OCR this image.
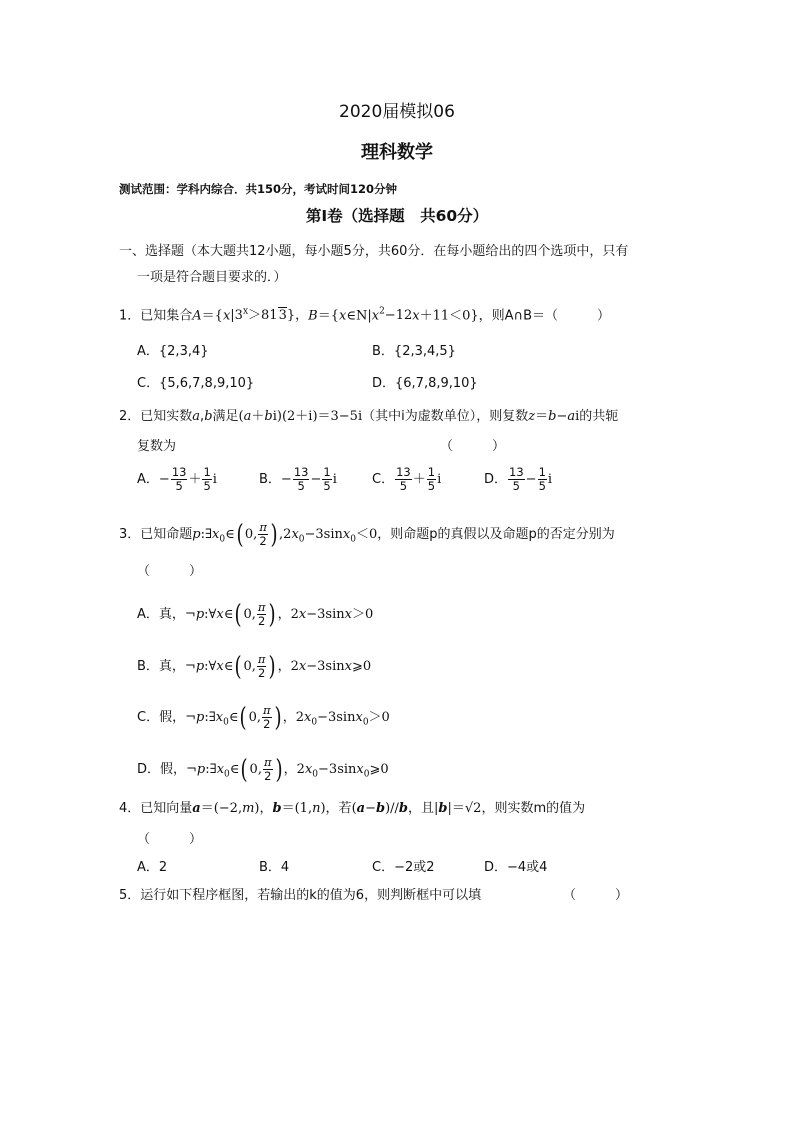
2020届模拟06
理科数学
测试范围：学科内综合．共150分，考试时间120分钟
第Ⅰ卷（选择题　共60分）
一、选择题（本大题共12小题，每小题5分，共60分．在每小题给出的四个选项中，只有
一项是符合题目要求的．）
1．已知集合$A=\{x|3^x>813\}$，$B=\{x\in N|x^2-12x+11<0\}$，则A∩B＝（　　　）
A．{2,3,4}	B．{2,3,4,5}
C．{5,6,7,8,9,10}	D．{6,7,8,9,10}
2．已知实数a,b满足(a＋bi)(2＋i)＝3−5i（其中i为虚数单位），则复数z＝b−ai的共轭
复数为	（　　　）
A．− $\frac{13}{5} + \frac{1}{5}$ i	B．− $\frac{13}{5} - \frac{1}{5}$ i	C． $\frac{13}{5} + \frac{1}{5}$ i	D． $\frac{13}{5} - \frac{1}{5}$ i
3．已知命题$p:\exists x_0\in$( 0, $\frac{\pi}{2}$ ) $,2x_0-3\sin x_0<0$，则命题p的真假以及命题p的否定分别为
（　　　）
A．真，¬p:∀x∈( 0, $\frac{\pi}{2}$ ) ，2x−3sinx＞0
B．真，¬p:∀x∈( 0, $\frac{\pi}{2}$ ) ，2x−3sinx⩾0
C．假，$\neg p:\exists x_0\in$( 0, $\frac{\pi}{2}$ ) ，$2x_0-3\sin x_0>0$
D．假，$\neg p:\exists x_0\in$( 0, $\frac{\pi}{2}$ ) ，$2x_0-3\sin x_0⩾0$
4．已知向量a＝(−2,m)，b＝(1,n)，若(a−b)//b，且|b|＝√2，则实数m的值为
（　　　）
A．2	B．4	C．−2或2	D．−4或4
5．运行如下程序框图，若输出的k的值为6，则判断框中可以填	（　　　）
